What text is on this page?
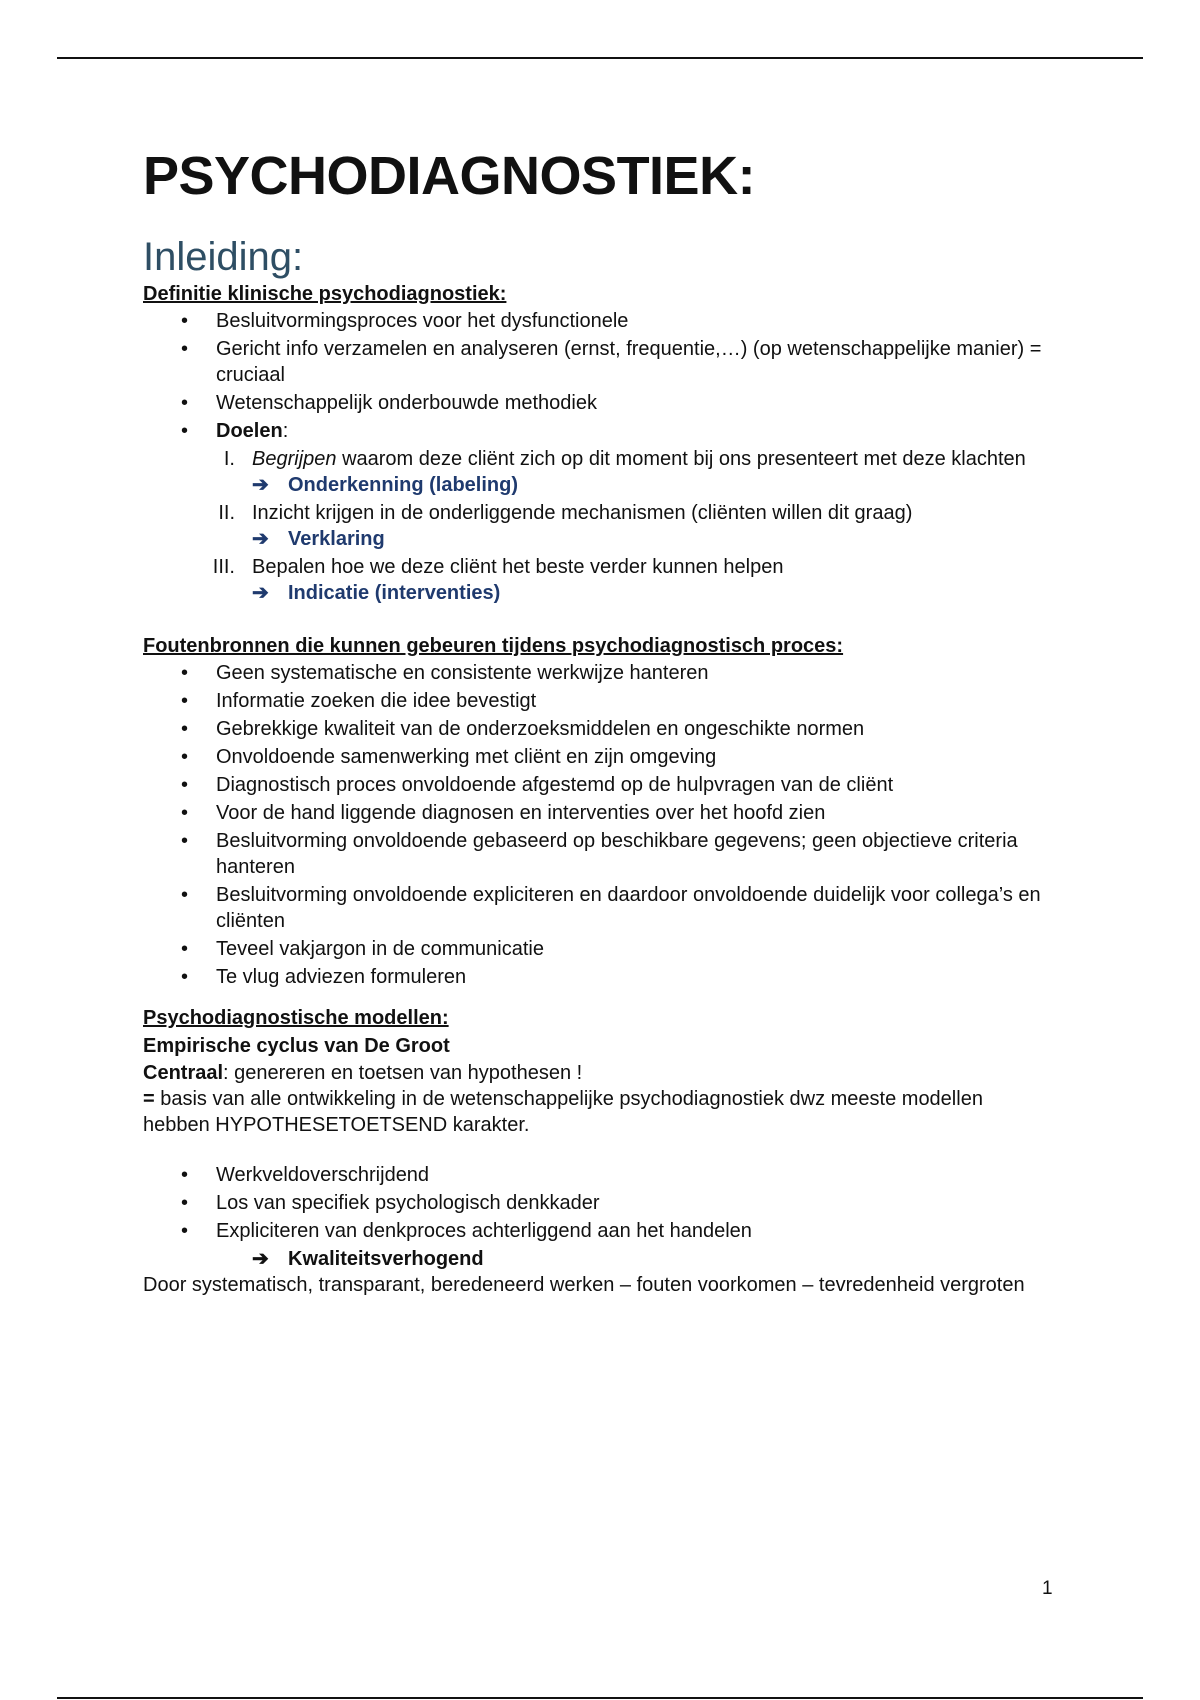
PSYCHODIAGNOSTIEK:
Inleiding:
Definitie klinische psychodiagnostiek:
• Besluitvormingsproces voor het dysfunctionele
• Gericht info verzamelen en analyseren (ernst, frequentie,…) (op wetenschappelijke manier) = cruciaal
• Wetenschappelijk onderbouwde methodiek
• Doelen:
I. Begrijpen waarom deze cliënt zich op dit moment bij ons presenteert met deze klachten
➔ Onderkenning (labeling)
II. Inzicht krijgen in de onderliggende mechanismen (cliënten willen dit graag)
➔ Verklaring
III. Bepalen hoe we deze cliënt het beste verder kunnen helpen
➔ Indicatie (interventies)
Foutenbronnen die kunnen gebeuren tijdens psychodiagnostisch proces:
• Geen systematische en consistente werkwijze hanteren
• Informatie zoeken die idee bevestigt
• Gebrekkige kwaliteit van de onderzoeksmiddelen en ongeschikte normen
• Onvoldoende samenwerking met cliënt en zijn omgeving
• Diagnostisch proces onvoldoende afgestemd op de hulpvragen van de cliënt
• Voor de hand liggende diagnosen en interventies over het hoofd zien
• Besluitvorming onvoldoende gebaseerd op beschikbare gegevens; geen objectieve criteria hanteren
• Besluitvorming onvoldoende expliciteren en daardoor onvoldoende duidelijk voor collega’s en cliënten
• Teveel vakjargon in de communicatie
• Te vlug adviezen formuleren
Psychodiagnostische modellen:
Empirische cyclus van De Groot
Centraal: genereren en toetsen van hypothesen !
= basis van alle ontwikkeling in de wetenschappelijke psychodiagnostiek dwz meeste modellen hebben HYPOTHESETOETSEND karakter.
• Werkveldoverschrijdend
• Los van specifiek psychologisch denkkader
• Expliciteren van denkproces achterliggend aan het handelen
➔ Kwaliteitsverhogend
Door systematisch, transparant, beredeneerd werken – fouten voorkomen – tevredenheid vergroten
1
